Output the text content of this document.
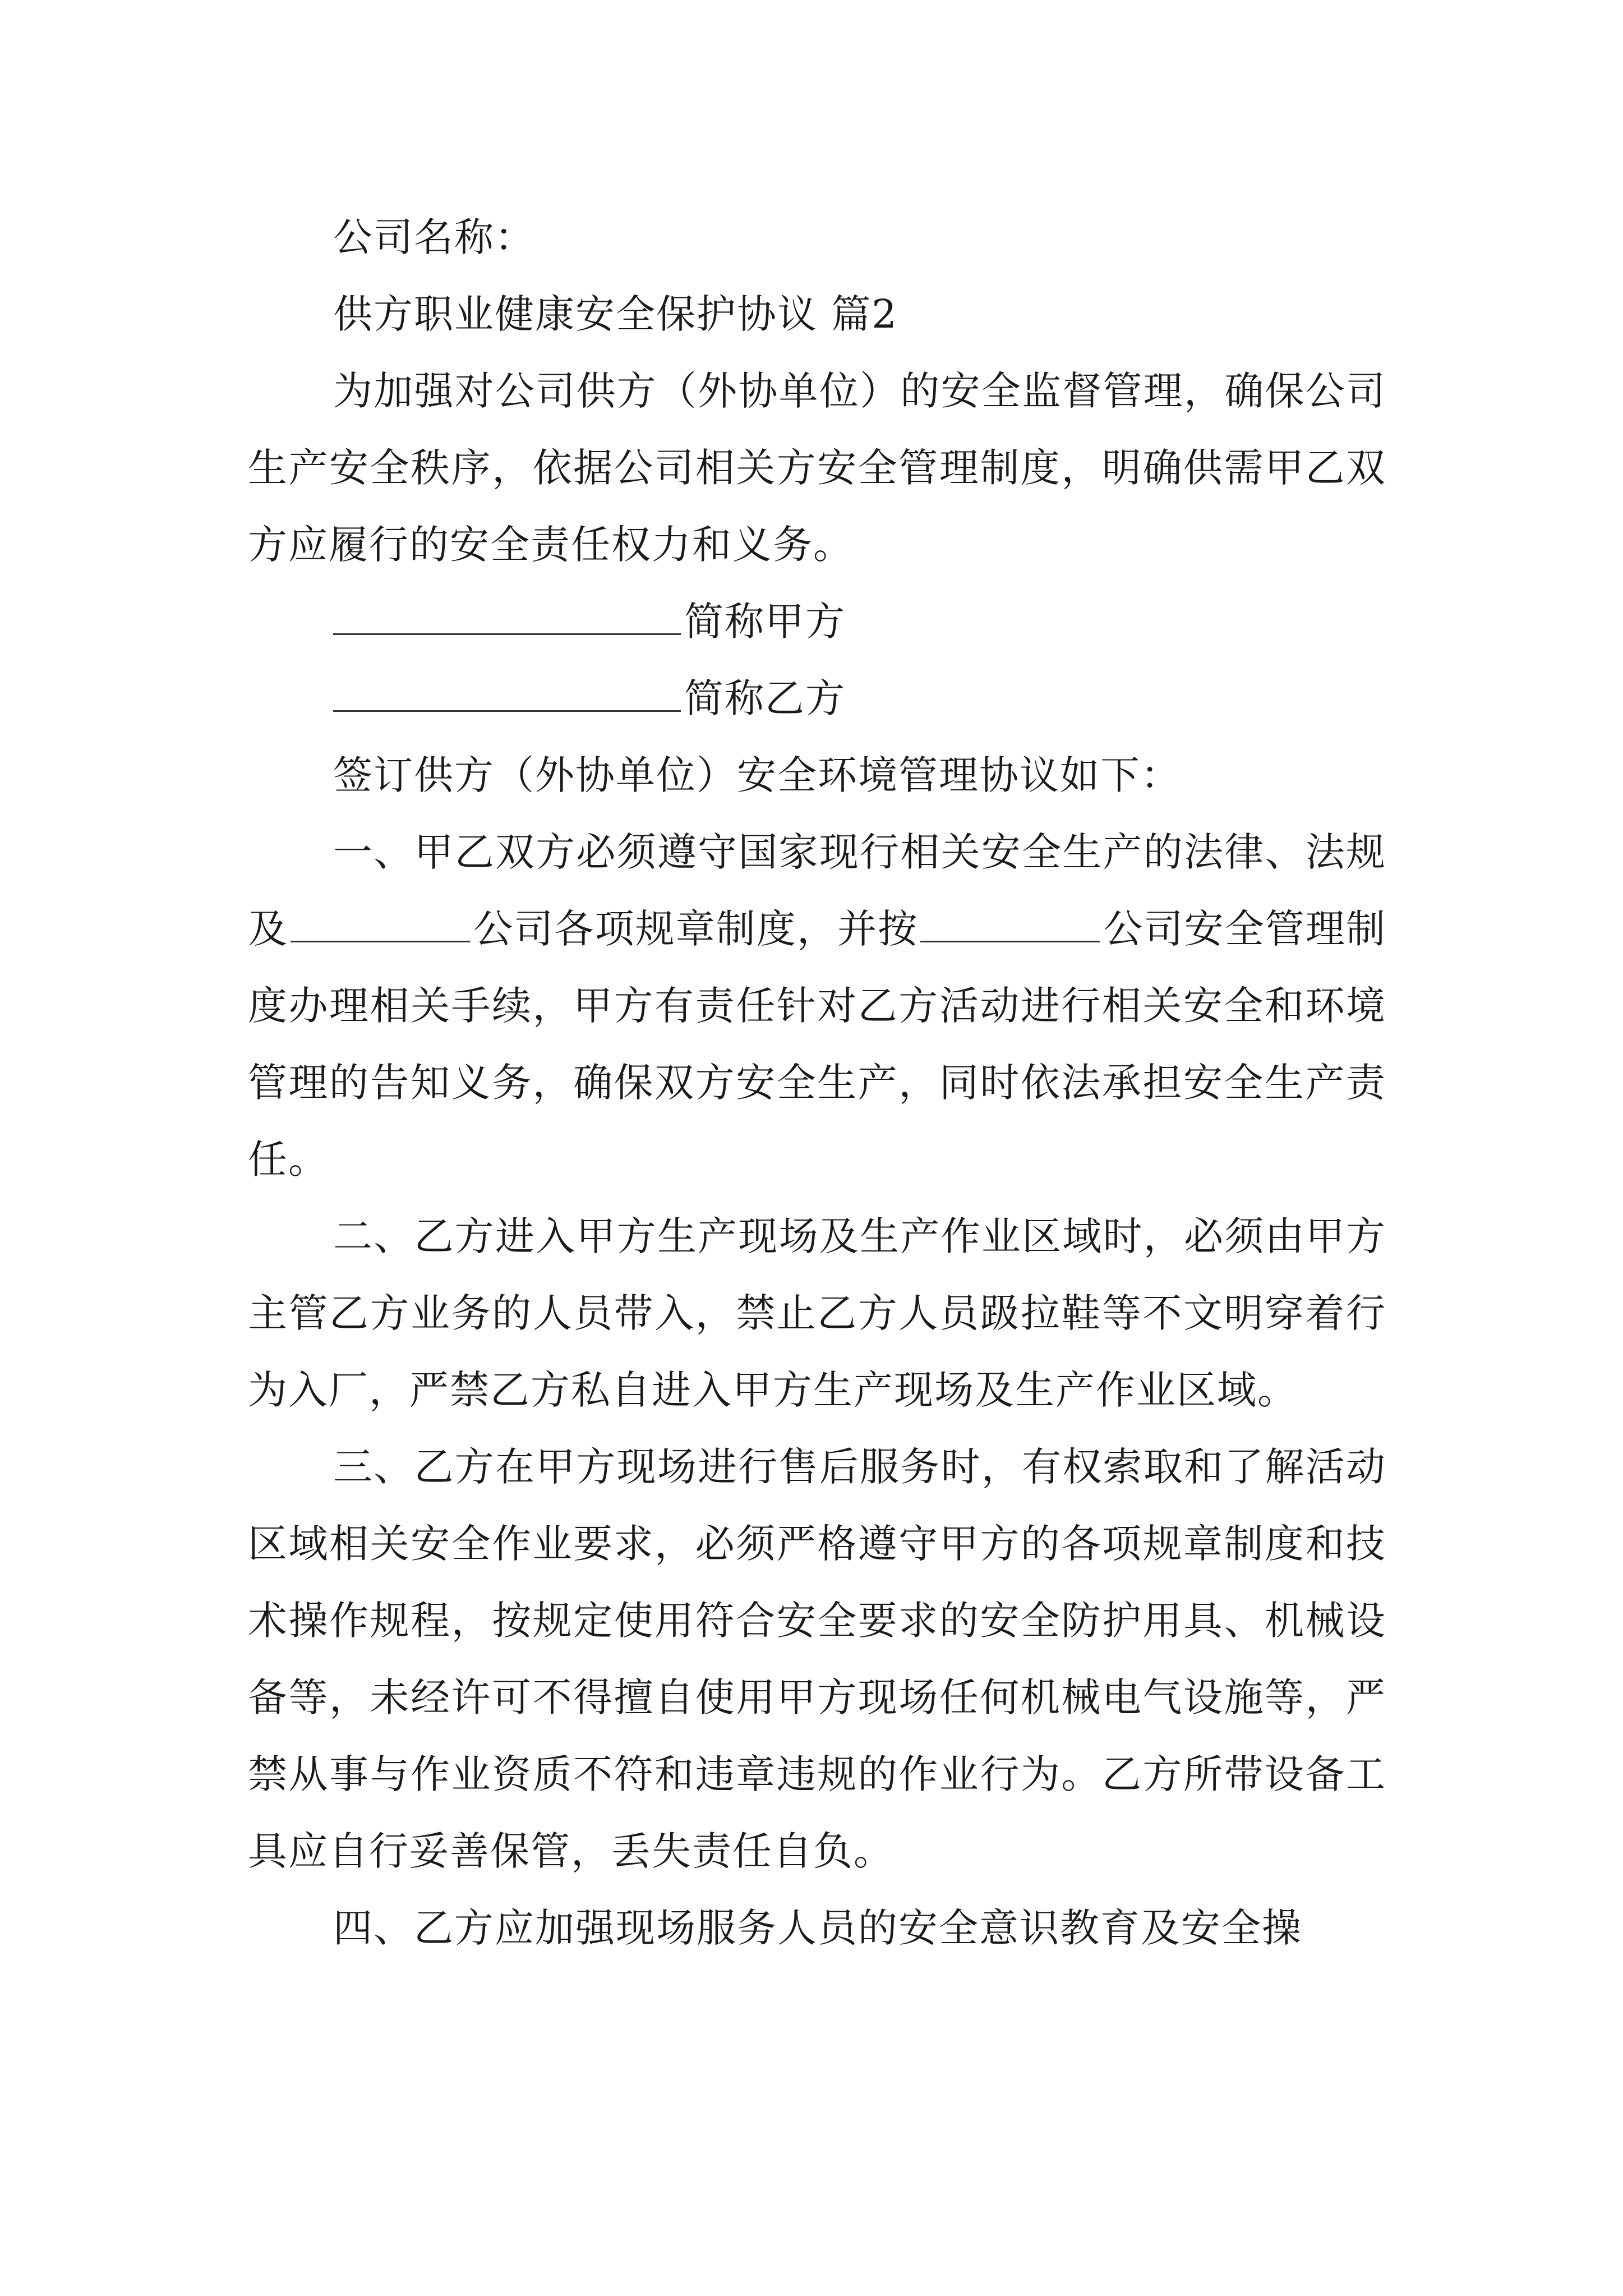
公司名称：
供方职业健康安全保护协议 篇2
为加强对公司供方（外协单位）的安全监督管理，确保公司生产安全秩序，依据公司相关方安全管理制度，明确供需甲乙双方应履行的安全责任权力和义务。
简称甲方
简称乙方
签订供方（外协单位）安全环境管理协议如下：
一、甲乙双方必须遵守国家现行相关安全生产的法律、法规及	公司各项规章制度，并按	公司安全管理制度办理相关手续，甲方有责任针对乙方活动进行相关安全和环境管理的告知义务，确保双方安全生产，同时依法承担安全生产责任。
二、乙方进入甲方生产现场及生产作业区域时，必须由甲方主管乙方业务的人员带入，禁止乙方人员趿拉鞋等不文明穿着行为入厂，严禁乙方私自进入甲方生产现场及生产作业区域。
三、乙方在甲方现场进行售后服务时，有权索取和了解活动区域相关安全作业要求，必须严格遵守甲方的各项规章制度和技术操作规程，按规定使用符合安全要求的安全防护用具、机械设备等，未经许可不得擅自使用甲方现场任何机械电气设施等，严禁从事与作业资质不符和违章违规的作业行为。乙方所带设备工具应自行妥善保管，丢失责任自负。
四、乙方应加强现场服务人员的安全意识教育及安全操
